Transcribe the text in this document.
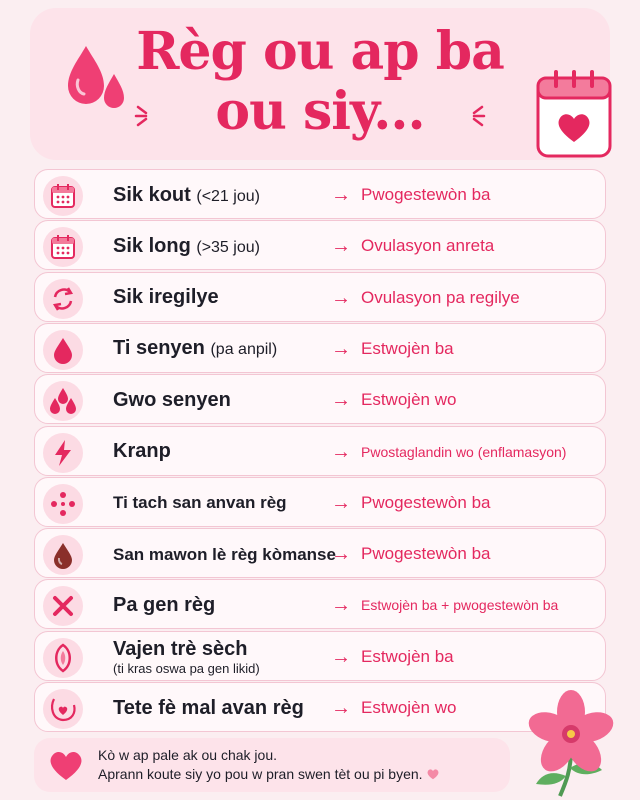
Règ ou ap ba
ou siy...
Sik kout (<21 jou)	→ Pwogestewòn ba
Sik long (>35 jou)	→ Ovulasyon anreta
Sik iregilye	→ Ovulasyon pa regilye
Ti senyen (pa anpil)	→ Estwojèn ba
Gwo senyen	→ Estwojèn wo
Kranp	→ Pwostaglandin wo (enflamasyon)
Ti tach san anvan règ → Pwogestewòn ba
San mawon lè règ kòmanse
→ Pwogestewòn ba
Pa gen règ	→ Estwojèn ba + pwogestewòn ba
Vajen trè sèch
(ti kras oswa pa gen likid)
→ Estwojèn ba
Tete fè mal avan règ → Estwojèn wo
Kò w ap pale ak ou chak jou.
Aprann koute siy yo pou w pran swen tèt ou pi byen.
